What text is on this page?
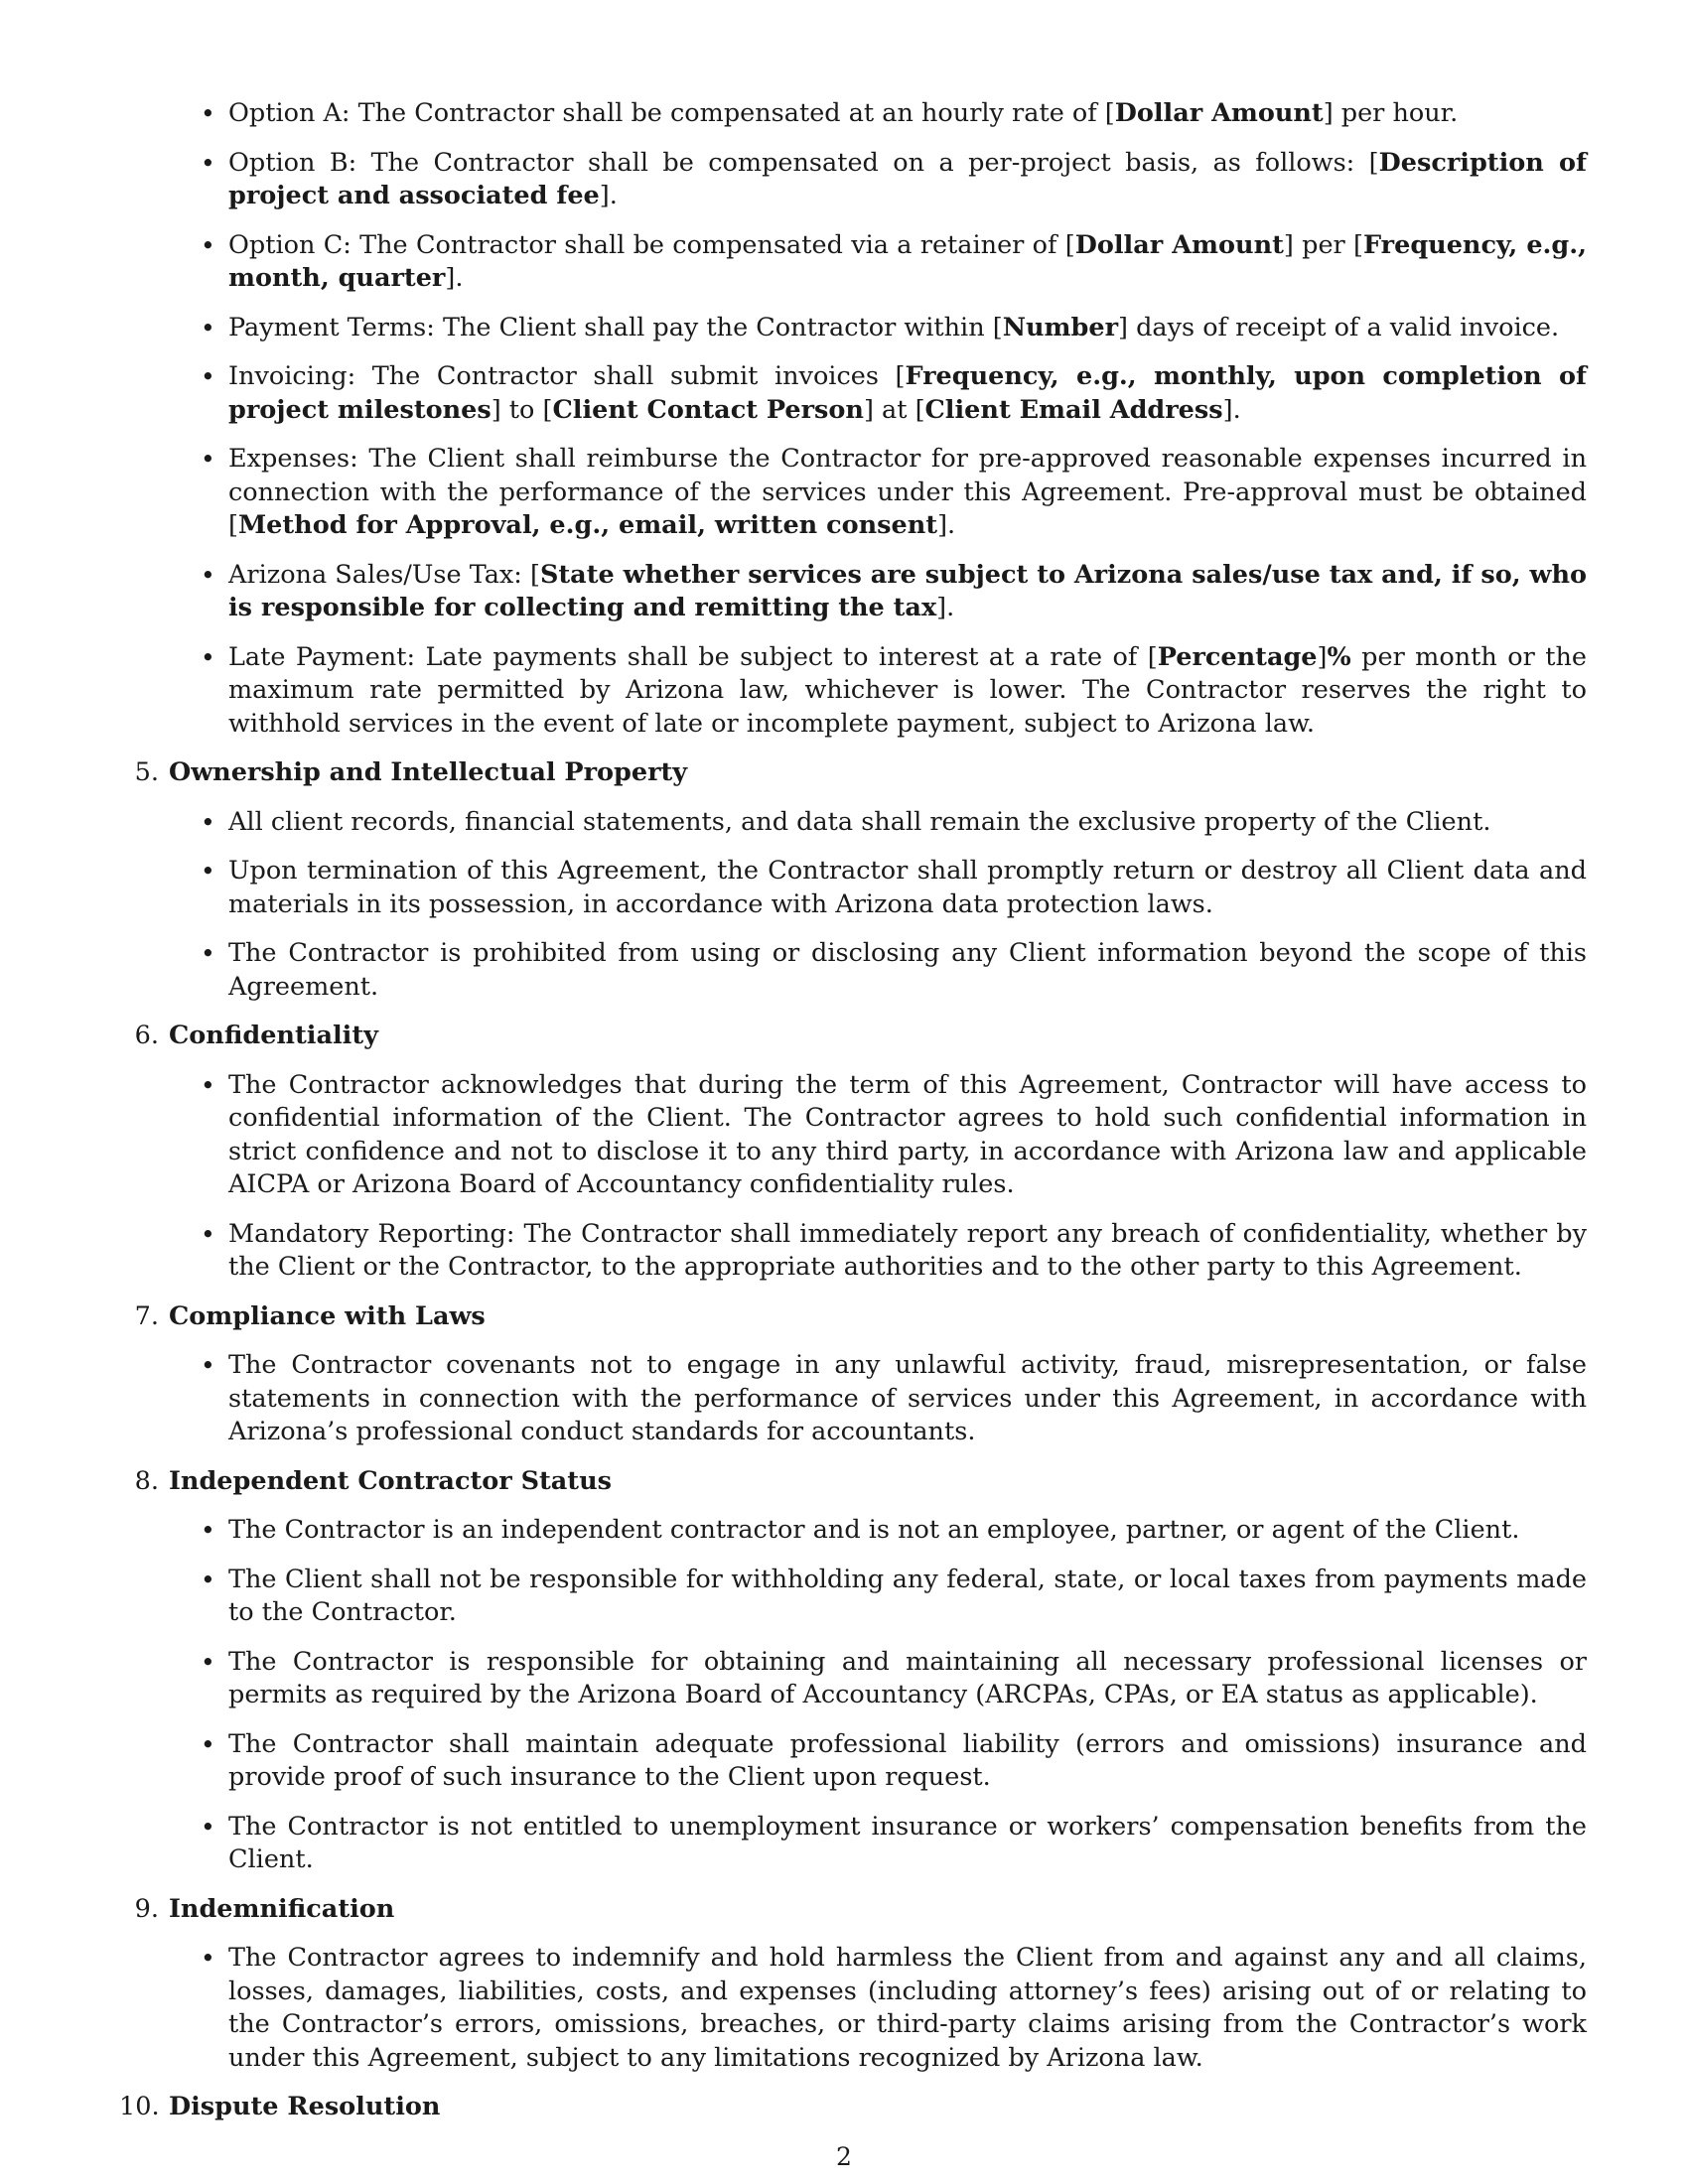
• Option A: The Contractor shall be compensated at an hourly rate of [Dollar Amount] per hour.
• Option B: The Contractor shall be compensated on a per-project basis, as follows: [Description of project and associated fee].
• Option C: The Contractor shall be compensated via a retainer of [Dollar Amount] per [Frequency, e.g., month, quarter].
• Payment Terms: The Client shall pay the Contractor within [Number] days of receipt of a valid invoice.
• Invoicing: The Contractor shall submit invoices [Frequency, e.g., monthly, upon completion of project milestones] to [Client Contact Person] at [Client Email Address].
• Expenses: The Client shall reimburse the Contractor for pre-approved reasonable expenses incurred in connection with the performance of the services under this Agreement. Pre-approval must be obtained [Method for Approval, e.g., email, written consent].
• Arizona Sales/Use Tax: [State whether services are subject to Arizona sales/use tax and, if so, who is responsible for collecting and remitting the tax].
• Late Payment: Late payments shall be subject to interest at a rate of [Percentage]% per month or the maximum rate permitted by Arizona law, whichever is lower. The Contractor reserves the right to withhold services in the event of late or incomplete payment, subject to Arizona law.
5. Ownership and Intellectual Property
• All client records, financial statements, and data shall remain the exclusive property of the Client.
• Upon termination of this Agreement, the Contractor shall promptly return or destroy all Client data and materials in its possession, in accordance with Arizona data protection laws.
• The Contractor is prohibited from using or disclosing any Client information beyond the scope of this Agreement.
6. Confidentiality
• The Contractor acknowledges that during the term of this Agreement, Contractor will have access to confidential information of the Client. The Contractor agrees to hold such confidential information in strict confidence and not to disclose it to any third party, in accordance with Arizona law and applicable AICPA or Arizona Board of Accountancy confidentiality rules.
• Mandatory Reporting: The Contractor shall immediately report any breach of confidentiality, whether by the Client or the Contractor, to the appropriate authorities and to the other party to this Agreement.
7. Compliance with Laws
• The Contractor covenants not to engage in any unlawful activity, fraud, misrepresentation, or false statements in connection with the performance of services under this Agreement, in accordance with Arizona’s professional conduct standards for accountants.
8. Independent Contractor Status
• The Contractor is an independent contractor and is not an employee, partner, or agent of the Client.
• The Client shall not be responsible for withholding any federal, state, or local taxes from payments made to the Contractor.
• The Contractor is responsible for obtaining and maintaining all necessary professional licenses or permits as required by the Arizona Board of Accountancy (ARCPAs, CPAs, or EA status as applicable).
• The Contractor shall maintain adequate professional liability (errors and omissions) insurance and provide proof of such insurance to the Client upon request.
• The Contractor is not entitled to unemployment insurance or workers’ compensation benefits from the Client.
9. Indemnification
• The Contractor agrees to indemnify and hold harmless the Client from and against any and all claims, losses, damages, liabilities, costs, and expenses (including attorney’s fees) arising out of or relating to the Contractor’s errors, omissions, breaches, or third-party claims arising from the Contractor’s work under this Agreement, subject to any limitations recognized by Arizona law.
10. Dispute Resolution
2
